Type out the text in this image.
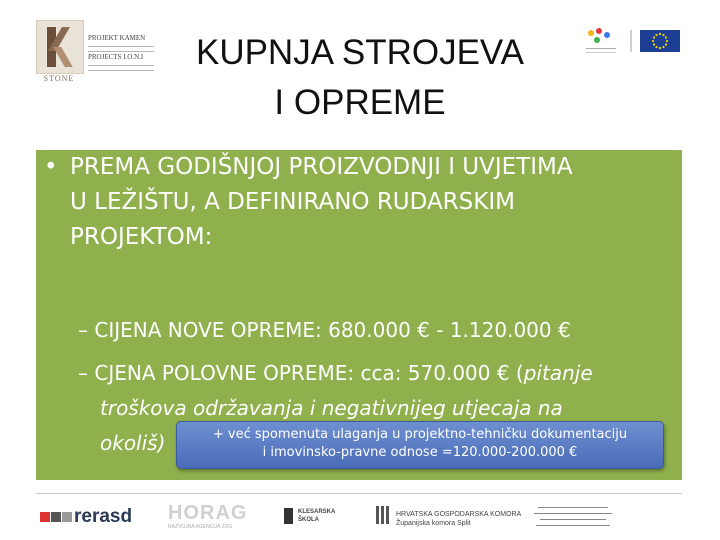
STONE
PROJEKT KAMEN
PROJECTS I.O.N.I	KUPNJA STROJEVA
I OPREME
• PREMA GODIŠNJOJ PROIZVODNJI I UVJETIMA
U LEŽIŠTU, A DEFINIRANO RUDARSKIM
PROJEKTOM:
– CIJENA NOVE OPREME: 680.000 € - 1.120.000 €
– CJENA POLOVNE OPREME: cca: 570.000 € (pitanje
troškova održavanja i negativnijeg utjecaja na
okoliš)	+ već spomenuta ulaganja u projektno-tehničku dokumentaciju
i imovinsko-pravne odnose =120.000-200.000 €
rerasd HORAG
RAZVOJNA AGENCIJA ZDG
KLESARSKA
ŠKOLA
HRVATSKA GOSPODARSKA KOMORA
Županijska komora Split
